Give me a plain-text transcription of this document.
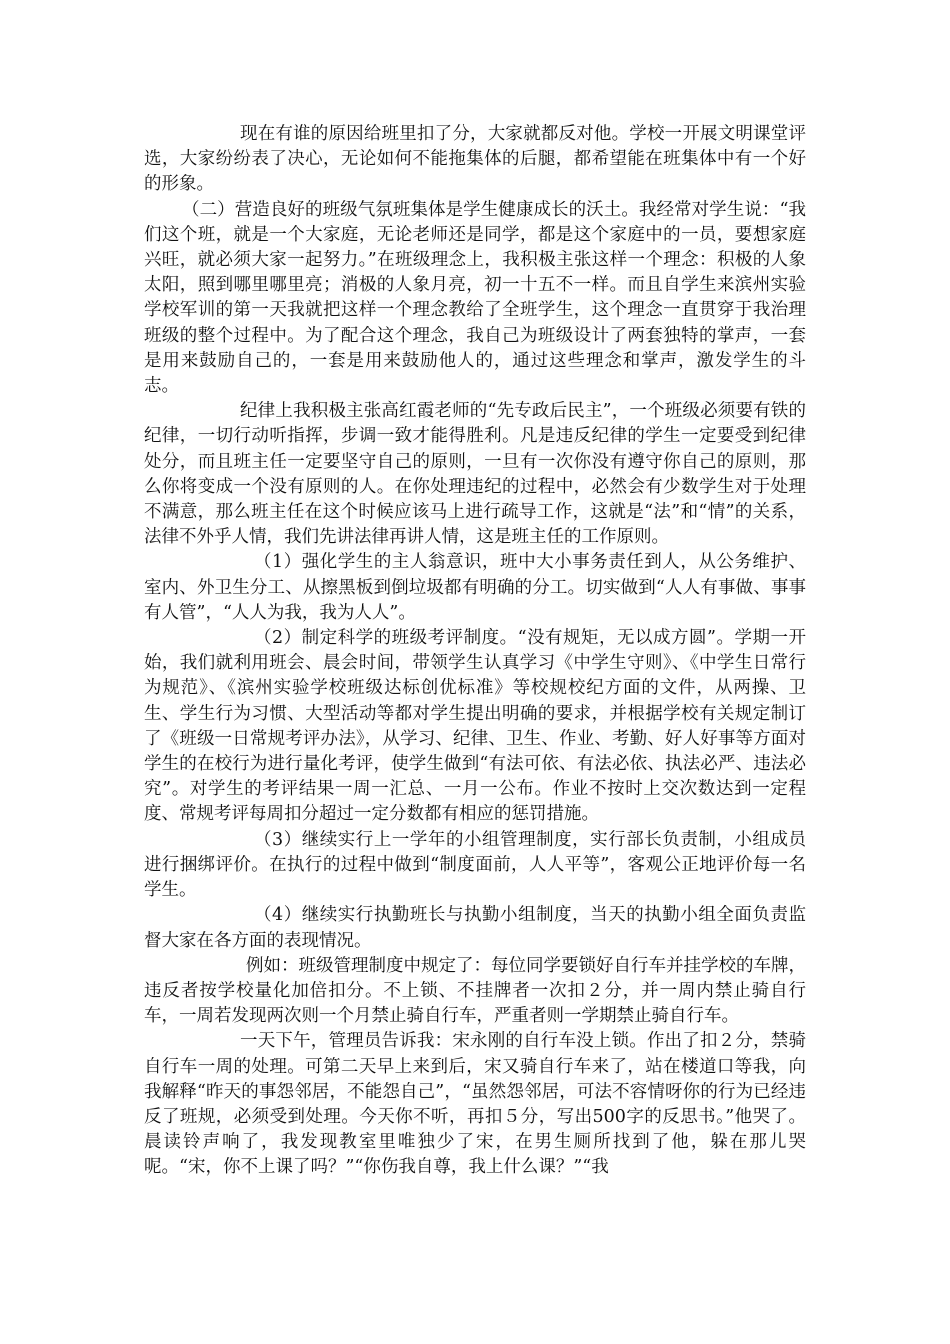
现在有谁的原因给班里扣了分，大家就都反对他。学校一开展文明课堂评选，大家纷纷表了决心，无论如何不能拖集体的后腿，都希望能在班集体中有一个好的形象。

（二）营造良好的班级气氛班集体是学生健康成长的沃土。我经常对学生说：“我们这个班，就是一个大家庭，无论老师还是同学，都是这个家庭中的一员，要想家庭兴旺，就必须大家一起努力。”在班级理念上，我积极主张这样一个理念：积极的人象太阳，照到哪里哪里亮；消极的人象月亮，初一十五不一样。而且自学生来滨州实验学校军训的第一天我就把这样一个理念教给了全班学生，这个理念一直贯穿于我治理班级的整个过程中。为了配合这个理念，我自己为班级设计了两套独特的掌声，一套是用来鼓励自己的，一套是用来鼓励他人的，通过这些理念和掌声，激发学生的斗志。

纪律上我积极主张高红霞老师的“先专政后民主”，一个班级必须要有铁的纪律，一切行动听指挥，步调一致才能得胜利。凡是违反纪律的学生一定要受到纪律处分，而且班主任一定要坚守自己的原则，一旦有一次你没有遵守你自己的原则，那么你将变成一个没有原则的人。在你处理违纪的过程中，必然会有少数学生对于处理不满意，那么班主任在这个时候应该马上进行疏导工作，这就是“法”和“情”的关系，法律不外乎人情，我们先讲法律再讲人情，这是班主任的工作原则。

（1）强化学生的主人翁意识，班中大小事务责任到人，从公务维护、室内、外卫生分工、从擦黑板到倒垃圾都有明确的分工。切实做到“人人有事做、事事有人管”，“人人为我，我为人人”。

（2）制定科学的班级考评制度。“没有规矩，无以成方圆”。学期一开始，我们就利用班会、晨会时间，带领学生认真学习《中学生守则》、《中学生日常行为规范》、《滨州实验学校班级达标创优标准》等校规校纪方面的文件，从两操、卫生、学生行为习惯、大型活动等都对学生提出明确的要求，并根据学校有关规定制订了《班级一日常规考评办法》，从学习、纪律、卫生、作业、考勤、好人好事等方面对学生的在校行为进行量化考评，使学生做到“有法可依、有法必依、执法必严、违法必究”。对学生的考评结果一周一汇总、一月一公布。作业不按时上交次数达到一定程度、常规考评每周扣分超过一定分数都有相应的惩罚措施。

（3）继续实行上一学年的小组管理制度，实行部长负责制，小组成员进行捆绑评价。在执行的过程中做到“制度面前，人人平等”，客观公正地评价每一名学生。

（4）继续实行执勤班长与执勤小组制度，当天的执勤小组全面负责监督大家在各方面的表现情况。

例如：班级管理制度中规定了：每位同学要锁好自行车并挂学校的车牌，违反者按学校量化加倍扣分。不上锁、不挂牌者一次扣２分，并一周内禁止骑自行车，一周若发现两次则一个月禁止骑自行车，严重者则一学期禁止骑自行车。

一天下午，管理员告诉我：宋永刚的自行车没上锁。作出了扣２分，禁骑自行车一周的处理。可第二天早上来到后，宋又骑自行车来了，站在楼道口等我，向我解释“昨天的事怨邻居，不能怨自己”，“虽然怨邻居，可法不容情呀你的行为已经违反了班规，必须受到处理。今天你不听，再扣５分，写出500字的反思书。”他哭了。晨读铃声响了，我发现教室里唯独少了宋，在男生厕所找到了他，躲在那儿哭呢。“宋，你不上课了吗？”“你伤我自尊，我上什么课？”“我
